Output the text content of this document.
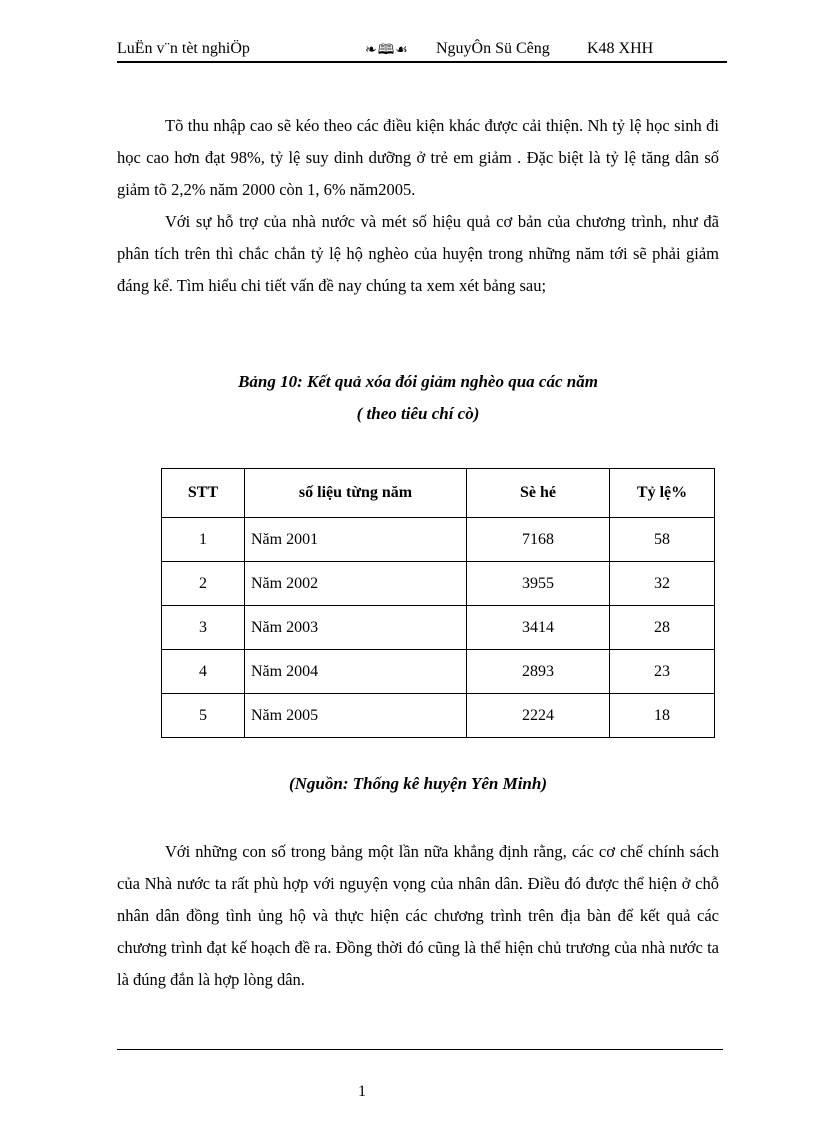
LuËn v¨n tèt nghiÖp	❧🕮☙ NguyÔn Sü Cêng K48 XHH

Tõ thu nhập cao sẽ kéo theo các điều kiện khác được cải thiện. Nh tỷ lệ học sinh đi học cao hơn đạt 98%, tỷ lệ suy dinh dưỡng ở trẻ em giảm . Đặc biệt là tỷ lệ tăng dân số giảm tõ 2,2% năm 2000 còn 1, 6% năm2005.

Với sự hỗ trợ của nhà nước và mét số hiệu quả cơ bản của chương trình, như đã phân tích trên thì chắc chắn tỷ lệ hộ nghèo của huyện trong những năm tới sẽ phải giảm đáng kể. Tìm hiểu chi tiết vấn đề nay chúng ta xem xét bảng sau;

Bảng 10: Kết quả xóa đói giảm nghèo qua các năm
( theo tiêu chí cò)
STT	số liệu từng năm	Sè hé	Tỷ lệ%
1	Năm 2001	7168	58
2	Năm 2002	3955	32
3	Năm 2003	3414	28
4	Năm 2004	2893	23
5	Năm 2005	2224	18
(Nguồn: Thống kê huyện Yên Minh)

Với những con số trong bảng một lần nữa khẳng định rằng, các cơ chế chính sách của Nhà nước ta rất phù hợp với nguyện vọng của nhân dân. Điều đó được thể hiện ở chỗ nhân dân đồng tình ủng hộ và thực hiện các chương trình trên địa bàn để kết quả các chương trình đạt kế hoạch đề ra. Đồng thời đó cũng là thể hiện chủ trương của nhà nước ta là đúng đắn là hợp lòng dân.

1
